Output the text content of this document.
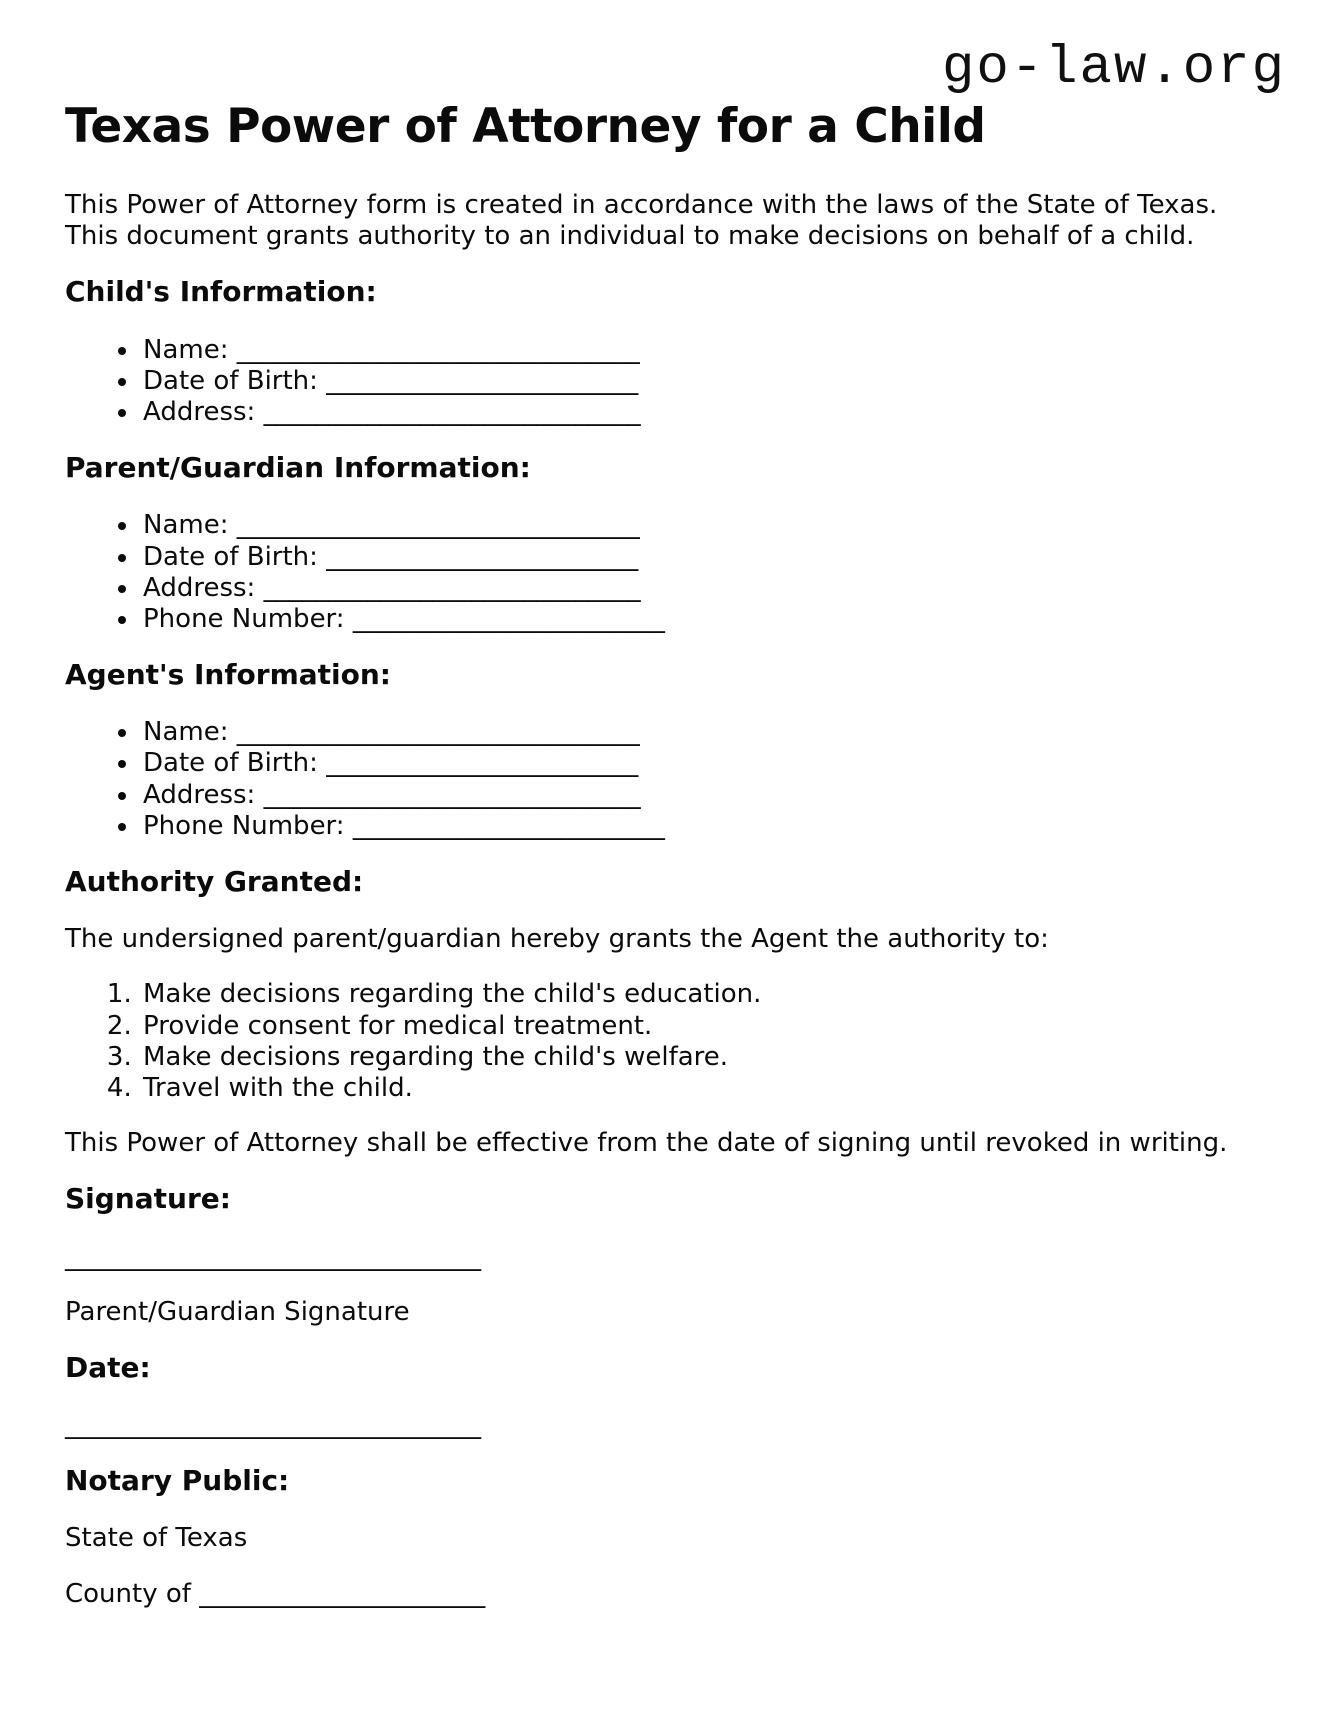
go-law.org
Texas Power of Attorney for a Child

This Power of Attorney form is created in accordance with the laws of the State of Texas.
This document grants authority to an individual to make decisions on behalf of a child.

Child's Information:
• Name: _______________________________
• Date of Birth: ________________________
• Address: _____________________________
Parent/Guardian Information:
• Name: _______________________________
• Date of Birth: ________________________
• Address: _____________________________
• Phone Number: ________________________
Agent's Information:
• Name: _______________________________
• Date of Birth: ________________________
• Address: _____________________________
• Phone Number: ________________________
Authority Granted:

The undersigned parent/guardian hereby grants the Agent the authority to:

1. Make decisions regarding the child's education.
2. Provide consent for medical treatment.
3. Make decisions regarding the child's welfare.
4. Travel with the child.

This Power of Attorney shall be effective from the date of signing until revoked in writing.

Signature:

________________________________

Parent/Guardian Signature

Date:

________________________________

Notary Public:

State of Texas

County of ______________________
